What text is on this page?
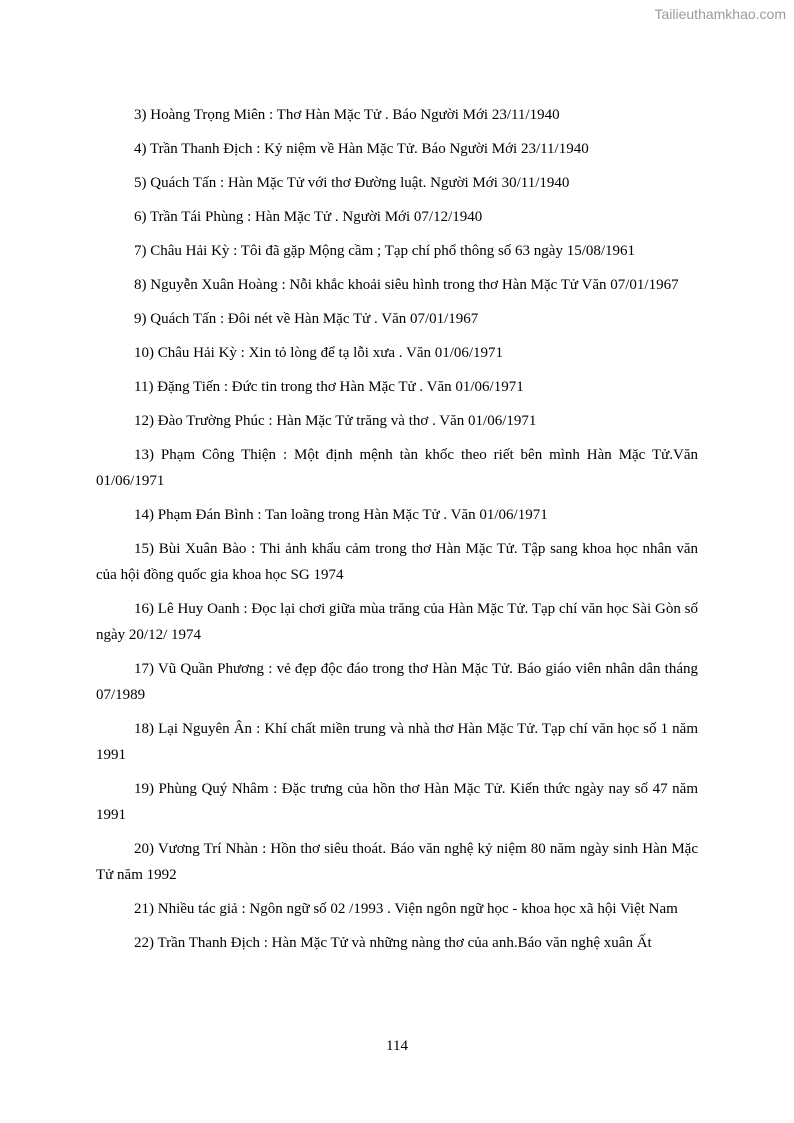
Tailieuthamkhao.com

3) Hoàng Trọng Miên : Thơ Hàn Mặc Tử . Báo Người Mới 23/11/1940

4) Trần Thanh Địch : Kỷ niệm về Hàn Mặc Tử. Báo Người Mới 23/11/1940

5) Quách Tấn : Hàn Mặc Tử với thơ Đường luật. Người Mới 30/11/1940

6) Trần Tái Phùng : Hàn Mặc Tử . Người Mới 07/12/1940

7) Châu Hải Kỳ : Tôi đã gặp Mộng cầm ; Tạp chí phổ thông số 63 ngày 15/08/1961

8) Nguyễn Xuân Hoàng : Nỗi khắc khoải siêu hình trong thơ Hàn Mặc Tử Văn 07/01/1967

9) Quách Tấn : Đôi nét về Hàn Mặc Tử . Văn 07/01/1967

10) Châu Hải Kỳ : Xin tỏ lòng để tạ lỗi xưa . Văn 01/06/1971

11) Đặng Tiến : Đức tin trong thơ Hàn Mặc Tử . Văn 01/06/1971

12) Đào Trường Phúc : Hàn Mặc Tử trăng và thơ . Văn 01/06/1971

13) Phạm Công Thiện : Một định mệnh tàn khốc theo riết bên mình Hàn Mặc Tử.Văn 01/06/1971

14) Phạm Đán Bình : Tan loãng trong Hàn Mặc Tử . Văn 01/06/1971

15) Bùi Xuân Bào : Thi ảnh khẩu cảm trong thơ Hàn Mặc Tử. Tập sang khoa học nhân văn của hội đồng quốc gia khoa học SG 1974

16) Lê Huy Oanh : Đọc lại chơi giữa mùa trăng của Hàn Mặc Tử. Tạp chí văn học Sài Gòn số ngày 20/12/ 1974

17) Vũ Quần Phương : vẻ đẹp độc đáo trong thơ Hàn Mặc Tử. Báo giáo viên nhân dân tháng 07/1989

18) Lại Nguyên Ân : Khí chất miền trung và nhà thơ Hàn Mặc Tử. Tạp chí văn học số 1 năm 1991

19) Phùng Quý Nhâm : Đặc trưng của hồn thơ Hàn Mặc Tử. Kiến thức ngày nay số 47 năm 1991

20) Vương Trí Nhàn : Hồn thơ siêu thoát. Báo văn nghệ kỷ niệm 80 năm ngày sinh Hàn Mặc Tử năm 1992

21) Nhiều tác giả : Ngôn ngữ số 02 /1993 . Viện ngôn ngữ học - khoa học xã hội Việt Nam

22) Trần Thanh Địch : Hàn Mặc Tử và những nàng thơ của anh.Báo văn nghệ xuân Ất

114
